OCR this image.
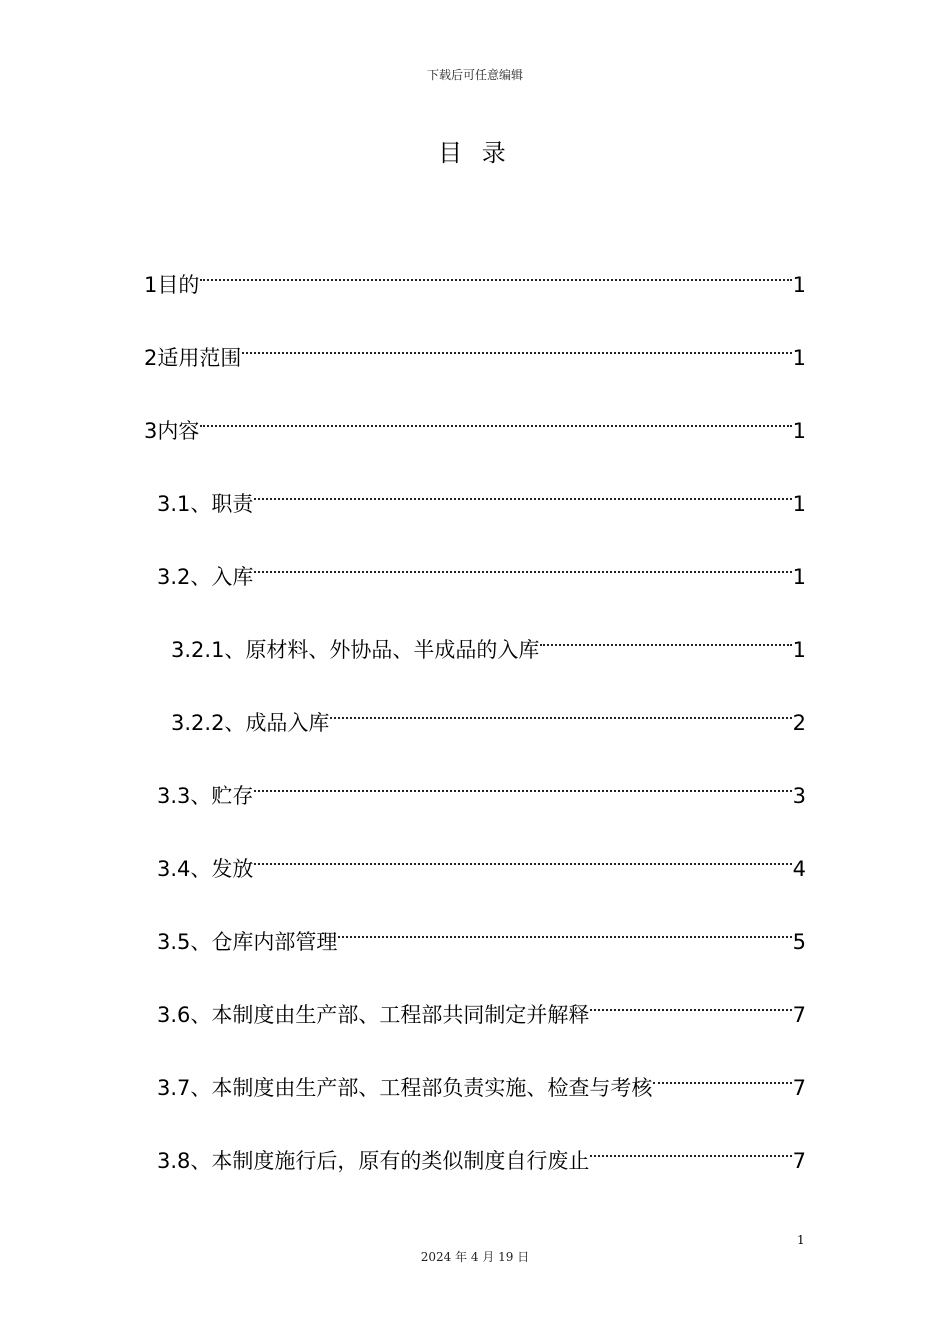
下载后可任意编辑
目 录
1 目的	1
2 适用范围	1
3 内容	1
3.1、 职责	1
3.2、 入库	1
3.2.1、 原材料、外协品、半成品的入库	1
3.2.2、 成品入库	2
3.3、 贮存	3
3.4、 发放	4
3.5、 仓库内部管理	5
3.6、 本制度由生产部、工程部共同制定并解释	7
3.7、 本制度由生产部、工程部负责实施、检查与考核	7
3.8、 本制度施行后，原有的类似制度自行废止	7
1
2024 年 4 月 19 日
